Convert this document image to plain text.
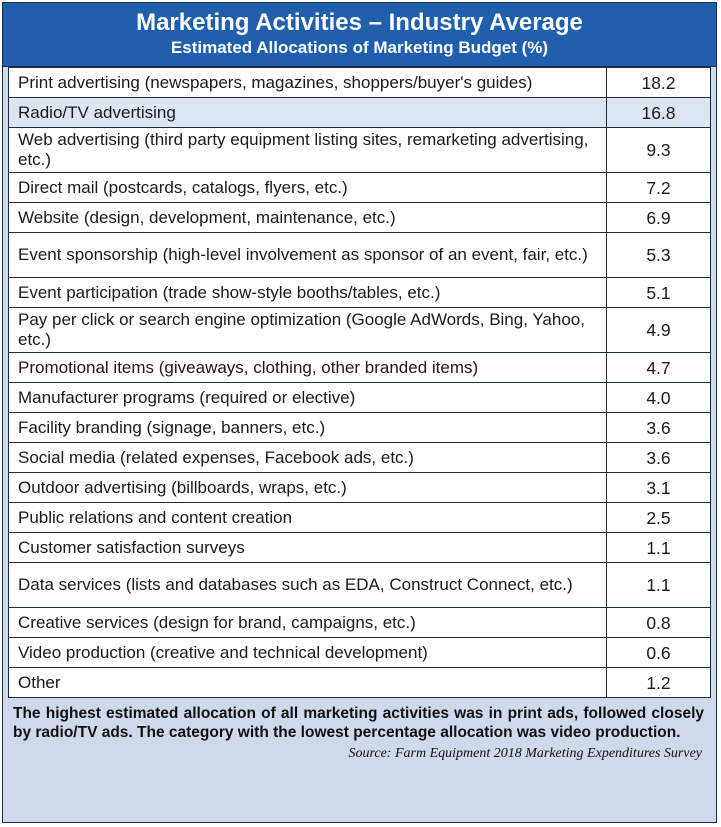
Marketing Activities – Industry Average
Estimated Allocations of Marketing Budget (%)
Print advertising (newspapers, magazines, shoppers/buyer's guides)	18.2
Radio/TV advertising	16.8
Web advertising (third party equipment listing sites, remarketing advertising, etc.)	9.3
Direct mail (postcards, catalogs, flyers, etc.)	7.2
Website (design, development, maintenance, etc.)	6.9
Event sponsorship (high-level involvement as sponsor of an event, fair, etc.)	5.3
Event participation (trade show-style booths/tables, etc.)	5.1
Pay per click or search engine optimization (Google AdWords, Bing, Yahoo, etc.)	4.9
Promotional items (giveaways, clothing, other branded items)	4.7
Manufacturer programs (required or elective)	4.0
Facility branding (signage, banners, etc.)	3.6
Social media (related expenses, Facebook ads, etc.)	3.6
Outdoor advertising (billboards, wraps, etc.)	3.1
Public relations and content creation	2.5
Customer satisfaction surveys	1.1
Data services (lists and databases such as EDA, Construct Connect, etc.)	1.1
Creative services (design for brand, campaigns, etc.)	0.8
Video production (creative and technical development)	0.6
Other	1.2
The highest estimated allocation of all marketing activities was in print ads, followed closely by radio/TV ads. The category with the lowest percentage allocation was video production.
Source: Farm Equipment 2018 Marketing Expenditures Survey
